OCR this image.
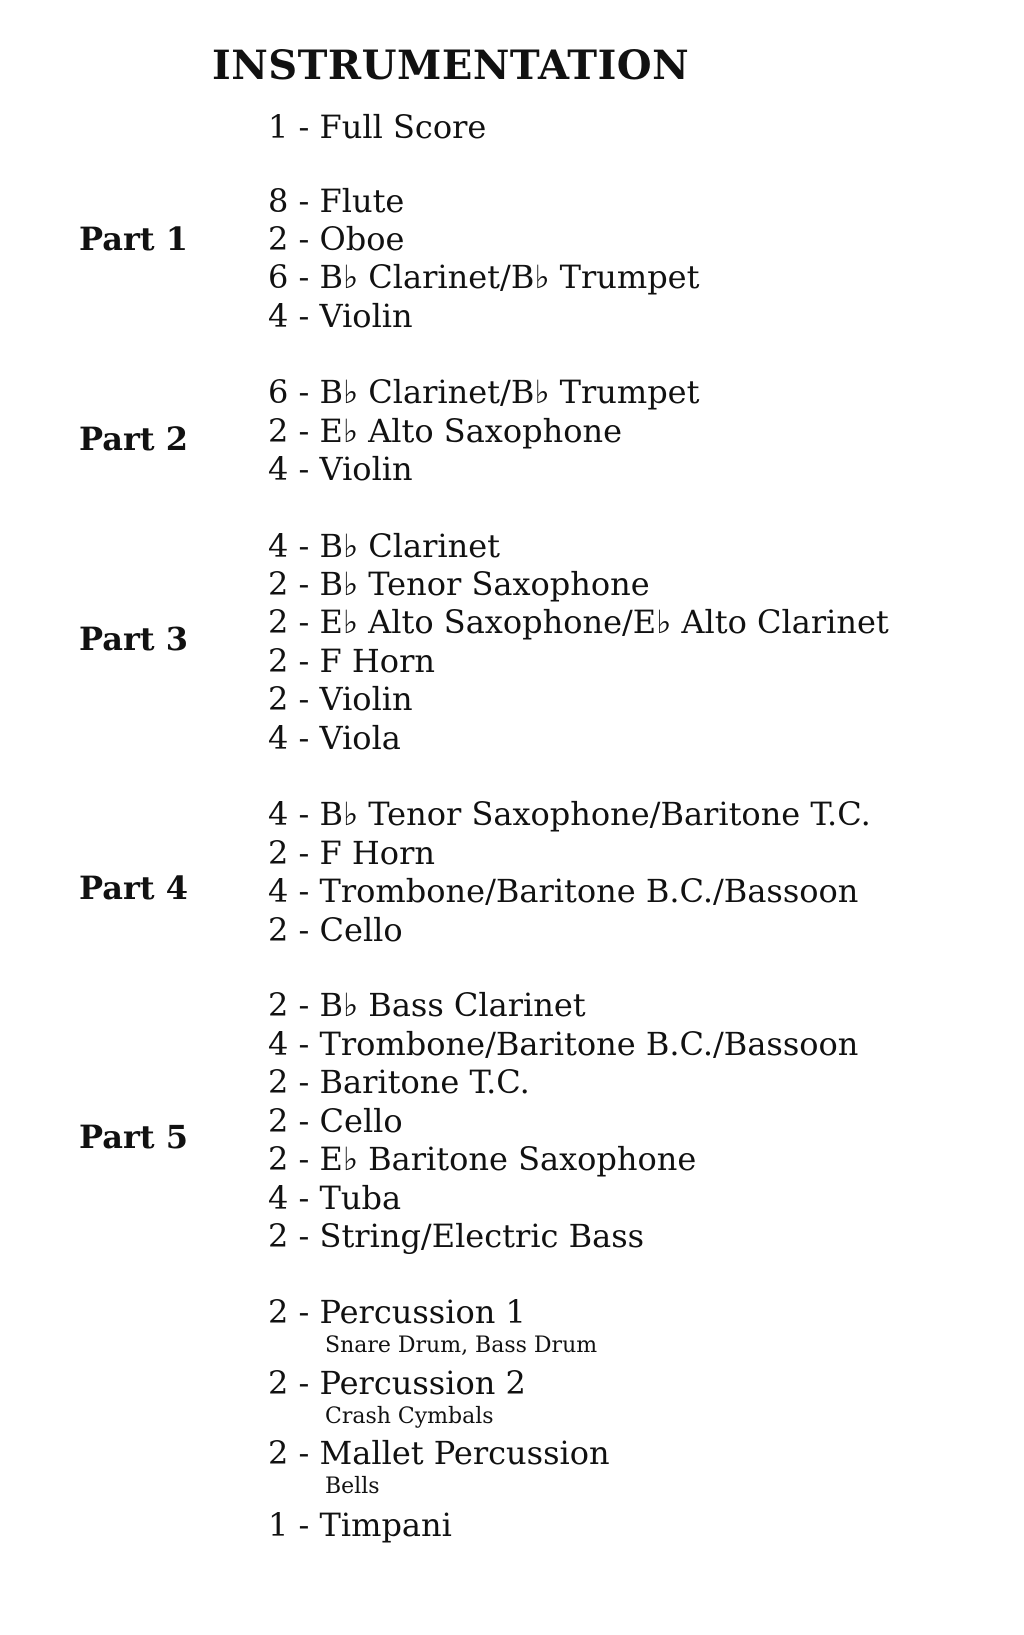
INSTRUMENTATION
1 - Full Score
Part 1
8 - Flute
2 - Oboe
6 - B♭ Clarinet/B♭ Trumpet
4 - Violin
Part 2
6 - B♭ Clarinet/B♭ Trumpet
2 - E♭ Alto Saxophone
4 - Violin
Part 3
4 - B♭ Clarinet
2 - B♭ Tenor Saxophone
2 - E♭ Alto Saxophone/E♭ Alto Clarinet
2 - F Horn
2 - Violin
4 - Viola
Part 4
4 - B♭ Tenor Saxophone/Baritone T.C.
2 - F Horn
4 - Trombone/Baritone B.C./Bassoon
2 - Cello
Part 5
2 - B♭ Bass Clarinet
4 - Trombone/Baritone B.C./Bassoon
2 - Baritone T.C.
2 - Cello
2 - E♭ Baritone Saxophone
4 - Tuba
2 - String/Electric Bass
2 - Percussion 1
Snare Drum, Bass Drum
2 - Percussion 2
Crash Cymbals
2 - Mallet Percussion
Bells
1 - Timpani
